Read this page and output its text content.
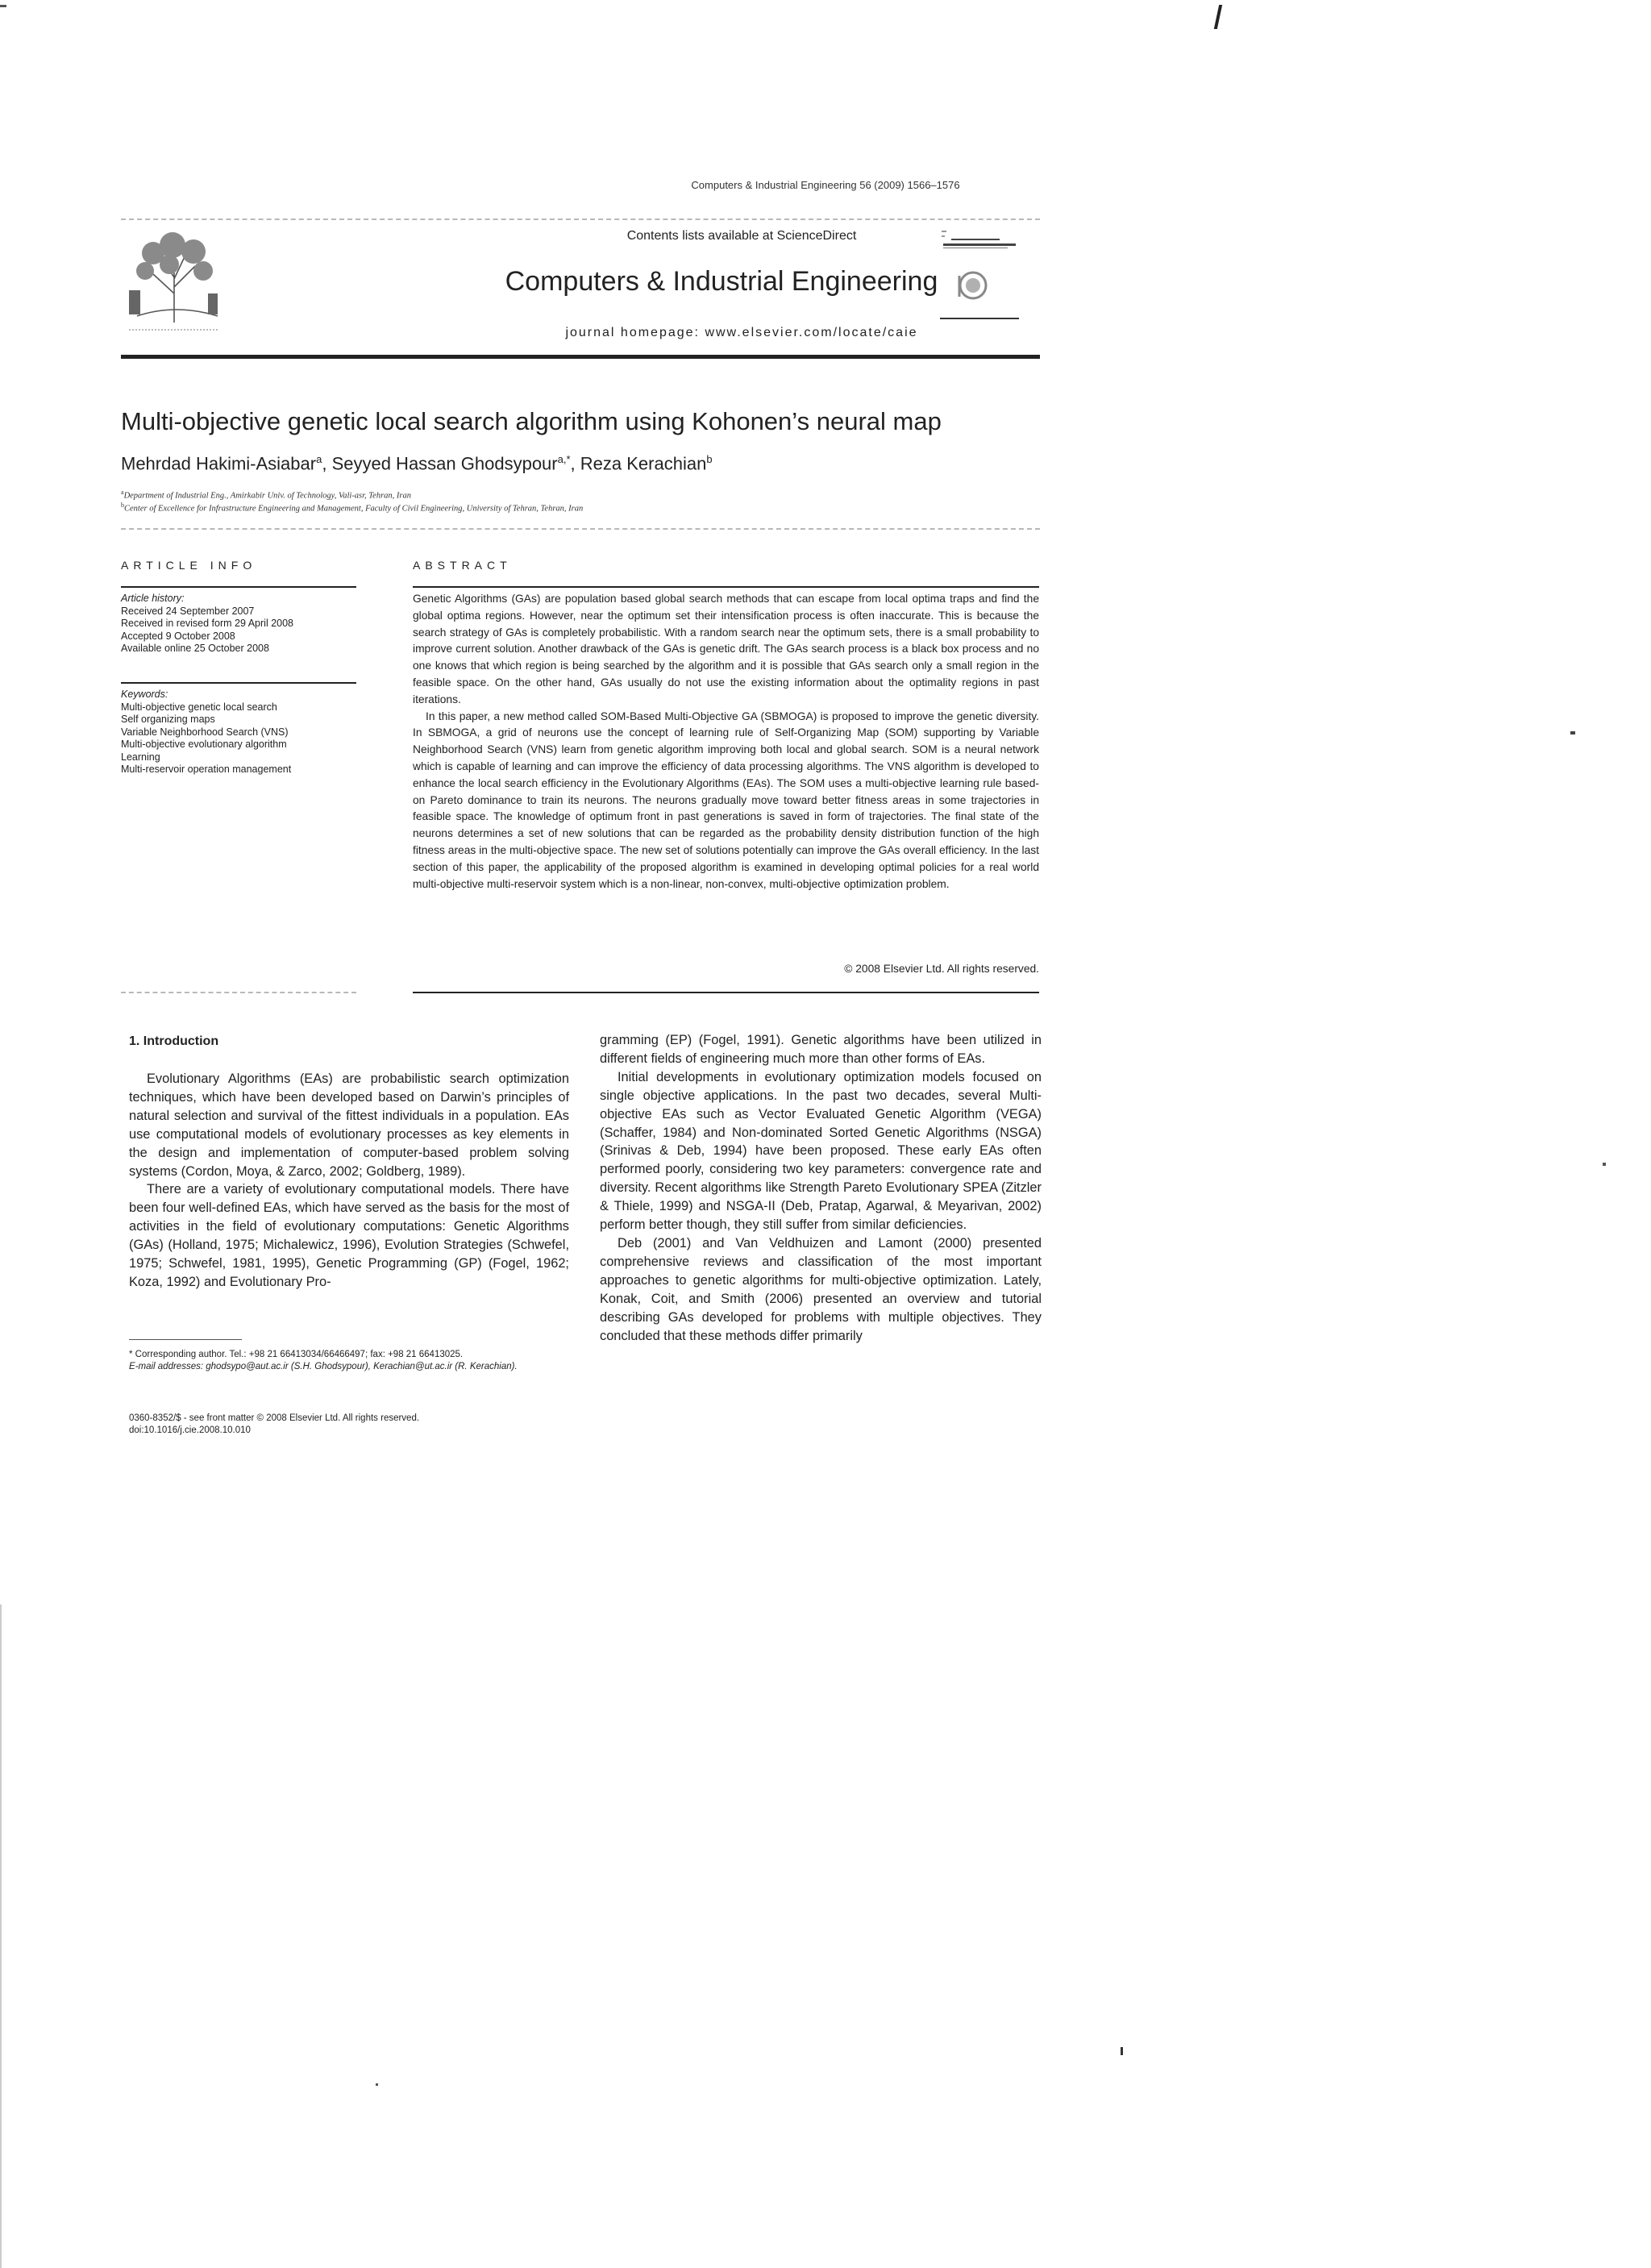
Computers & Industrial Engineering 56 (2009) 1566–1576
Contents lists available at ScienceDirect
Computers & Industrial Engineering
journal homepage: www.elsevier.com/locate/caie
Multi-objective genetic local search algorithm using Kohonen’s neural map
Mehrdad Hakimi-Asiabar$^a$, Seyyed Hassan Ghodsypour$^{a,*}$, Reza Kerachian$^b$
$^a$Department of Industrial Eng., Amirkabir Univ. of Technology, Vali-asr, Tehran, Iran
$^b$Center of Excellence for Infrastructure Engineering and Management, Faculty of Civil Engineering, University of Tehran, Tehran, Iran
ARTICLE INFO
Article history:
Received 24 September 2007
Received in revised form 29 April 2008
Accepted 9 October 2008
Available online 25 October 2008
Keywords:
Multi-objective genetic local search
Self organizing maps
Variable Neighborhood Search (VNS)
Multi-objective evolutionary algorithm
Learning
Multi-reservoir operation management
ABSTRACT

Genetic Algorithms (GAs) are population based global search methods that can escape from local optima traps and find the global optima regions. However, near the optimum set their intensification process is often inaccurate. This is because the search strategy of GAs is completely probabilistic. With a random search near the optimum sets, there is a small probability to improve current solution. Another drawback of the GAs is genetic drift. The GAs search process is a black box process and no one knows that which region is being searched by the algorithm and it is possible that GAs search only a small region in the feasible space. On the other hand, GAs usually do not use the existing information about the optimality regions in past iterations.

In this paper, a new method called SOM-Based Multi-Objective GA (SBMOGA) is proposed to improve the genetic diversity. In SBMOGA, a grid of neurons use the concept of learning rule of Self-Organizing Map (SOM) supporting by Variable Neighborhood Search (VNS) learn from genetic algorithm improving both local and global search. SOM is a neural network which is capable of learning and can improve the efficiency of data processing algorithms. The VNS algorithm is developed to enhance the local search efficiency in the Evolutionary Algorithms (EAs). The SOM uses a multi-objective learning rule based-on Pareto dominance to train its neurons. The neurons gradually move toward better fitness areas in some trajectories in feasible space. The knowledge of optimum front in past generations is saved in form of trajectories. The final state of the neurons determines a set of new solutions that can be regarded as the probability density distribution function of the high fitness areas in the multi-objective space. The new set of solutions potentially can improve the GAs overall efficiency. In the last section of this paper, the applicability of the proposed algorithm is examined in developing optimal policies for a real world multi-objective multi-reservoir system which is a non-linear, non-convex, multi-objective optimization problem.

© 2008 Elsevier Ltd. All rights reserved.
1. Introduction

Evolutionary Algorithms (EAs) are probabilistic search optimization techniques, which have been developed based on Darwin’s principles of natural selection and survival of the fittest individuals in a population. EAs use computational models of evolutionary processes as key elements in the design and implementation of computer-based problem solving systems (Cordon, Moya, & Zarco, 2002; Goldberg, 1989).

There are a variety of evolutionary computational models. There have been four well-defined EAs, which have served as the basis for the most of activities in the field of evolutionary computations: Genetic Algorithms (GAs) (Holland, 1975; Michalewicz, 1996), Evolution Strategies (Schwefel, 1975; Schwefel, 1981, 1995), Genetic Programming (GP) (Fogel, 1962; Koza, 1992) and Evolutionary Pro-

gramming (EP) (Fogel, 1991). Genetic algorithms have been utilized in different fields of engineering much more than other forms of EAs.

Initial developments in evolutionary optimization models focused on single objective applications. In the past two decades, several Multi-objective EAs such as Vector Evaluated Genetic Algorithm (VEGA) (Schaffer, 1984) and Non-dominated Sorted Genetic Algorithms (NSGA) (Srinivas & Deb, 1994) have been proposed. These early EAs often performed poorly, considering two key parameters: convergence rate and diversity. Recent algorithms like Strength Pareto Evolutionary SPEA (Zitzler & Thiele, 1999) and NSGA-II (Deb, Pratap, Agarwal, & Meyarivan, 2002) perform better though, they still suffer from similar deficiencies.

Deb (2001) and Van Veldhuizen and Lamont (2000) presented comprehensive reviews and classification of the most important approaches to genetic algorithms for multi-objective optimization. Lately, Konak, Coit, and Smith (2006) presented an overview and tutorial describing GAs developed for problems with multiple objectives. They concluded that these methods differ primarily

* Corresponding author. Tel.: +98 21 66413034/66466497; fax: +98 21 66413025.
E-mail addresses: ghodsypo@aut.ac.ir (S.H. Ghodsypour), Kerachian@ut.ac.ir (R. Kerachian).
0360-8352/$ - see front matter © 2008 Elsevier Ltd. All rights reserved.
doi:10.1016/j.cie.2008.10.010
